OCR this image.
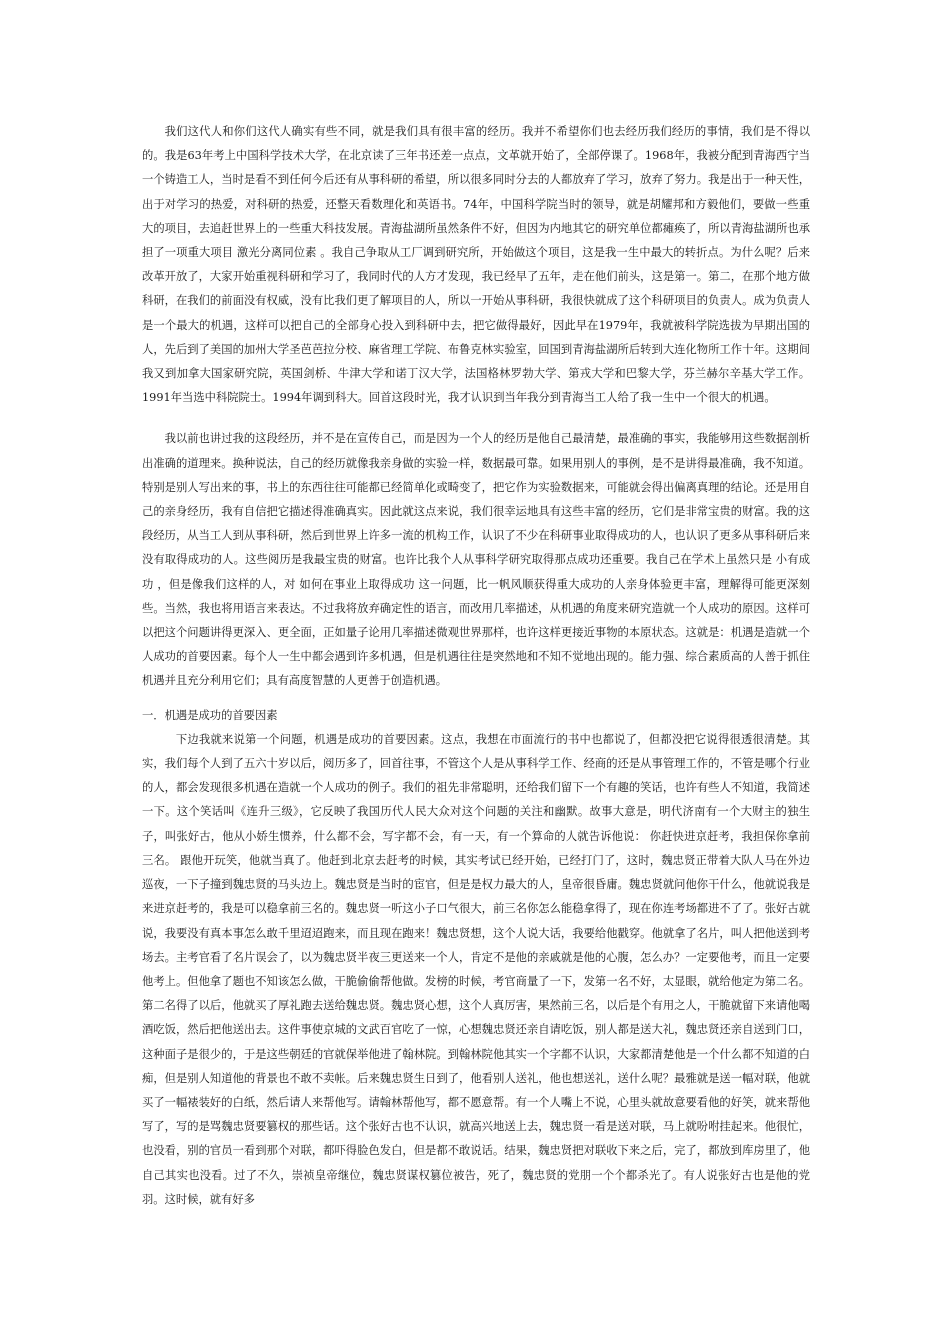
我们这代人和你们这代人确实有些不同，就是我们具有很丰富的经历。我并不希望你们也去经历我们经历的事情，我们是不得以的。我是63年考上中国科学技术大学，在北京读了三年书还差一点点，文革就开始了，全部停课了。1968年，我被分配到青海西宁当一个铸造工人，当时是看不到任何今后还有从事科研的希望，所以很多同时分去的人都放弃了学习，放弃了努力。我是出于一种天性，出于对学习的热爱，对科研的热爱，还整天看数理化和英语书。74年，中国科学院当时的领导，就是胡耀邦和方毅他们，要做一些重大的项目，去追赶世界上的一些重大科技发展。青海盐湖所虽然条件不好，但因为内地其它的研究单位都瘫痪了，所以青海盐湖所也承担了一项重大项目 激光分离同位素 。我自己争取从工厂调到研究所，开始做这个项目，这是我一生中最大的转折点。为什么呢？后来改革开放了，大家开始重视科研和学习了，我同时代的人方才发现，我已经早了五年，走在他们前头，这是第一。第二，在那个地方做科研，在我们的前面没有权威，没有比我们更了解项目的人，所以一开始从事科研，我很快就成了这个科研项目的负责人。成为负责人是一个最大的机遇，这样可以把自己的全部身心投入到科研中去，把它做得最好，因此早在1979年，我就被科学院选拔为早期出国的人，先后到了美国的加州大学圣芭芭拉分校、麻省理工学院、布鲁克林实验室，回国到青海盐湖所后转到大连化物所工作十年。这期间我又到加拿大国家研究院，英国剑桥、牛津大学和诺丁汉大学，法国格林罗勃大学、第戎大学和巴黎大学，芬兰赫尔辛基大学工作。1991年当选中科院院士。1994年调到科大。回首这段时光，我才认识到当年我分到青海当工人给了我一生中一个很大的机遇。

我以前也讲过我的这段经历，并不是在宣传自己，而是因为一个人的经历是他自己最清楚，最准确的事实，我能够用这些数据剖析出准确的道理来。换种说法，自己的经历就像我亲身做的实验一样，数据最可靠。如果用别人的事例，是不是讲得最准确，我不知道。特别是别人写出来的事，书上的东西往往可能都已经简单化或畸变了，把它作为实验数据来，可能就会得出偏离真理的结论。还是用自己的亲身经历，我有自信把它描述得准确真实。因此就这点来说，我们很幸运地具有这些丰富的经历，它们是非常宝贵的财富。我的这段经历，从当工人到从事科研，然后到世界上许多一流的机构工作，认识了不少在科研事业取得成功的人，也认识了更多从事科研后来没有取得成功的人。这些阅历是我最宝贵的财富。也许比我个人从事科学研究取得那点成功还重要。我自己在学术上虽然只是 小有成功 ，但是像我们这样的人，对 如何在事业上取得成功 这一问题，比一帆风顺获得重大成功的人亲身体验更丰富，理解得可能更深刻些。当然，我也将用语言来表达。不过我将放弃确定性的语言，而改用几率描述，从机遇的角度来研究造就一个人成功的原因。这样可以把这个问题讲得更深入、更全面，正如量子论用几率描述微观世界那样，也许这样更接近事物的本原状态。这就是：机遇是造就一个人成功的首要因素。每个人一生中都会遇到许多机遇，但是机遇往往是突然地和不知不觉地出现的。能力强、综合素质高的人善于抓住机遇并且充分利用它们；具有高度智慧的人更善于创造机遇。

一．机遇是成功的首要因素

下边我就来说第一个问题，机遇是成功的首要因素。这点，我想在市面流行的书中也都说了，但都没把它说得很透很清楚。其实，我们每个人到了五六十岁以后，阅历多了，回首往事，不管这个人是从事科学工作、经商的还是从事管理工作的，不管是哪个行业的人，都会发现很多机遇在造就一个人成功的例子。我们的祖先非常聪明，还给我们留下一个有趣的笑话，也许有些人不知道，我简述一下。这个笑话叫《连升三级》，它反映了我国历代人民大众对这个问题的关注和幽默。故事大意是，明代济南有一个大财主的独生子，叫张好古，他从小娇生惯养，什么都不会，写字都不会，有一天，有一个算命的人就告诉他说： 你赶快进京赶考，我担保你拿前三名。 跟他开玩笑，他就当真了。他赶到北京去赶考的时候，其实考试已经开始，已经打门了，这时，魏忠贤正带着大队人马在外边巡夜，一下子撞到魏忠贤的马头边上。魏忠贤是当时的宦官，但是是权力最大的人，皇帝很昏庸。魏忠贤就问他你干什么，他就说我是来进京赶考的，我是可以稳拿前三名的。魏忠贤一听这小子口气很大，前三名你怎么能稳拿得了，现在你连考场都进不了了。张好古就说，我要没有真本事怎么敢千里迢迢跑来，而且现在跑来！魏忠贤想，这个人说大话，我要给他戳穿。他就拿了名片，叫人把他送到考场去。主考官看了名片误会了，以为魏忠贤半夜三更送来一个人，肯定不是他的亲戚就是他的心腹，怎么办？一定要他考，而且一定要他考上。但他拿了题也不知该怎么做，干脆偷偷帮他做。发榜的时候，考官商量了一下，发第一名不好，太显眼，就给他定为第二名。第二名得了以后，他就买了厚礼跑去送给魏忠贤。魏忠贤心想，这个人真厉害，果然前三名，以后是个有用之人，干脆就留下来请他喝酒吃饭，然后把他送出去。这件事使京城的文武百官吃了一惊，心想魏忠贤还亲自请吃饭，别人都是送大礼，魏忠贤还亲自送到门口，这种面子是很少的，于是这些朝廷的官就保举他进了翰林院。到翰林院他其实一个字都不认识，大家都清楚他是一个什么都不知道的白痴，但是别人知道他的背景也不敢不卖帐。后来魏忠贤生日到了，他看别人送礼，他也想送礼，送什么呢？最雅就是送一幅对联，他就买了一幅裱装好的白纸，然后请人来帮他写。请翰林帮他写，都不愿意帮。有一个人嘴上不说，心里头就故意要看他的好笑，就来帮他写了，写的是骂魏忠贤要篡权的那些话。这个张好古也不认识，就高兴地送上去，魏忠贤一看是送对联，马上就吩咐挂起来。他很忙，也没看，别的官员一看到那个对联，都吓得脸色发白，但是都不敢说话。结果，魏忠贤把对联收下来之后，完了，都放到库房里了，他自己其实也没看。过了不久，崇祯皇帝继位，魏忠贤谋权篡位被告，死了，魏忠贤的党朋一个个都杀光了。有人说张好古也是他的党羽。这时候，就有好多
